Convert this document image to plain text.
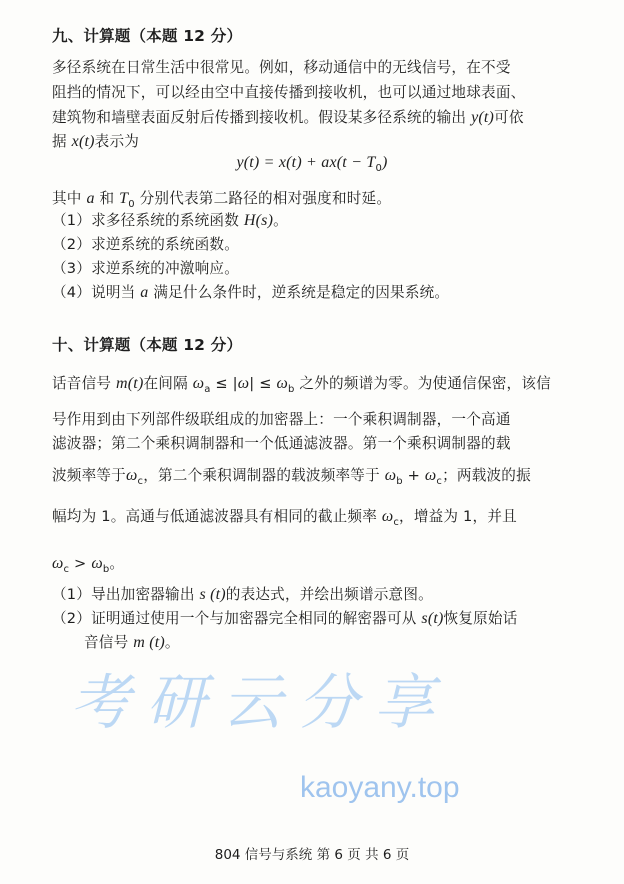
九、计算题（本题 12 分）
多径系统在日常生活中很常见。例如，移动通信中的无线信号，在不受
阻挡的情况下，可以经由空中直接传播到接收机，也可以通过地球表面、
建筑物和墙壁表面反射后传播到接收机。假设某多径系统的输出 y(t)可依
据 x(t)表示为
$y(t) = x(t) + ax(t - T_0)$
其中 a 和 $T_0$ 分别代表第二路径的相对强度和时延。
（1）求多径系统的系统函数 H(s)。
（2）求逆系统的系统函数。
（3）求逆系统的冲激响应。
（4）说明当 a 满足什么条件时，逆系统是稳定的因果系统。
十、计算题（本题 12 分）
话音信号 m(t)在间隔 $\omega_a \le |\omega| \le \omega_b$ 之外的频谱为零。为使通信保密，该信
号作用到由下列部件级联组成的加密器上：一个乘积调制器，一个高通
滤波器；第二个乘积调制器和一个低通滤波器。第一个乘积调制器的载
波频率等于$\omega_c$，第二个乘积调制器的载波频率等于 $\omega_b + \omega_c$；两载波的振
幅均为 1。高通与低通滤波器具有相同的截止频率 $\omega_c$，增益为 1，并且
$\omega_c > \omega_b$。
（1）导出加密器输出 s (t)的表达式，并绘出频谱示意图。
（2）证明通过使用一个与加密器完全相同的解密器可从 s(t)恢复原始话
音信号 m (t)。
804 信号与系统 第 6 页 共 6 页
考研云分享
kaoyany.top
